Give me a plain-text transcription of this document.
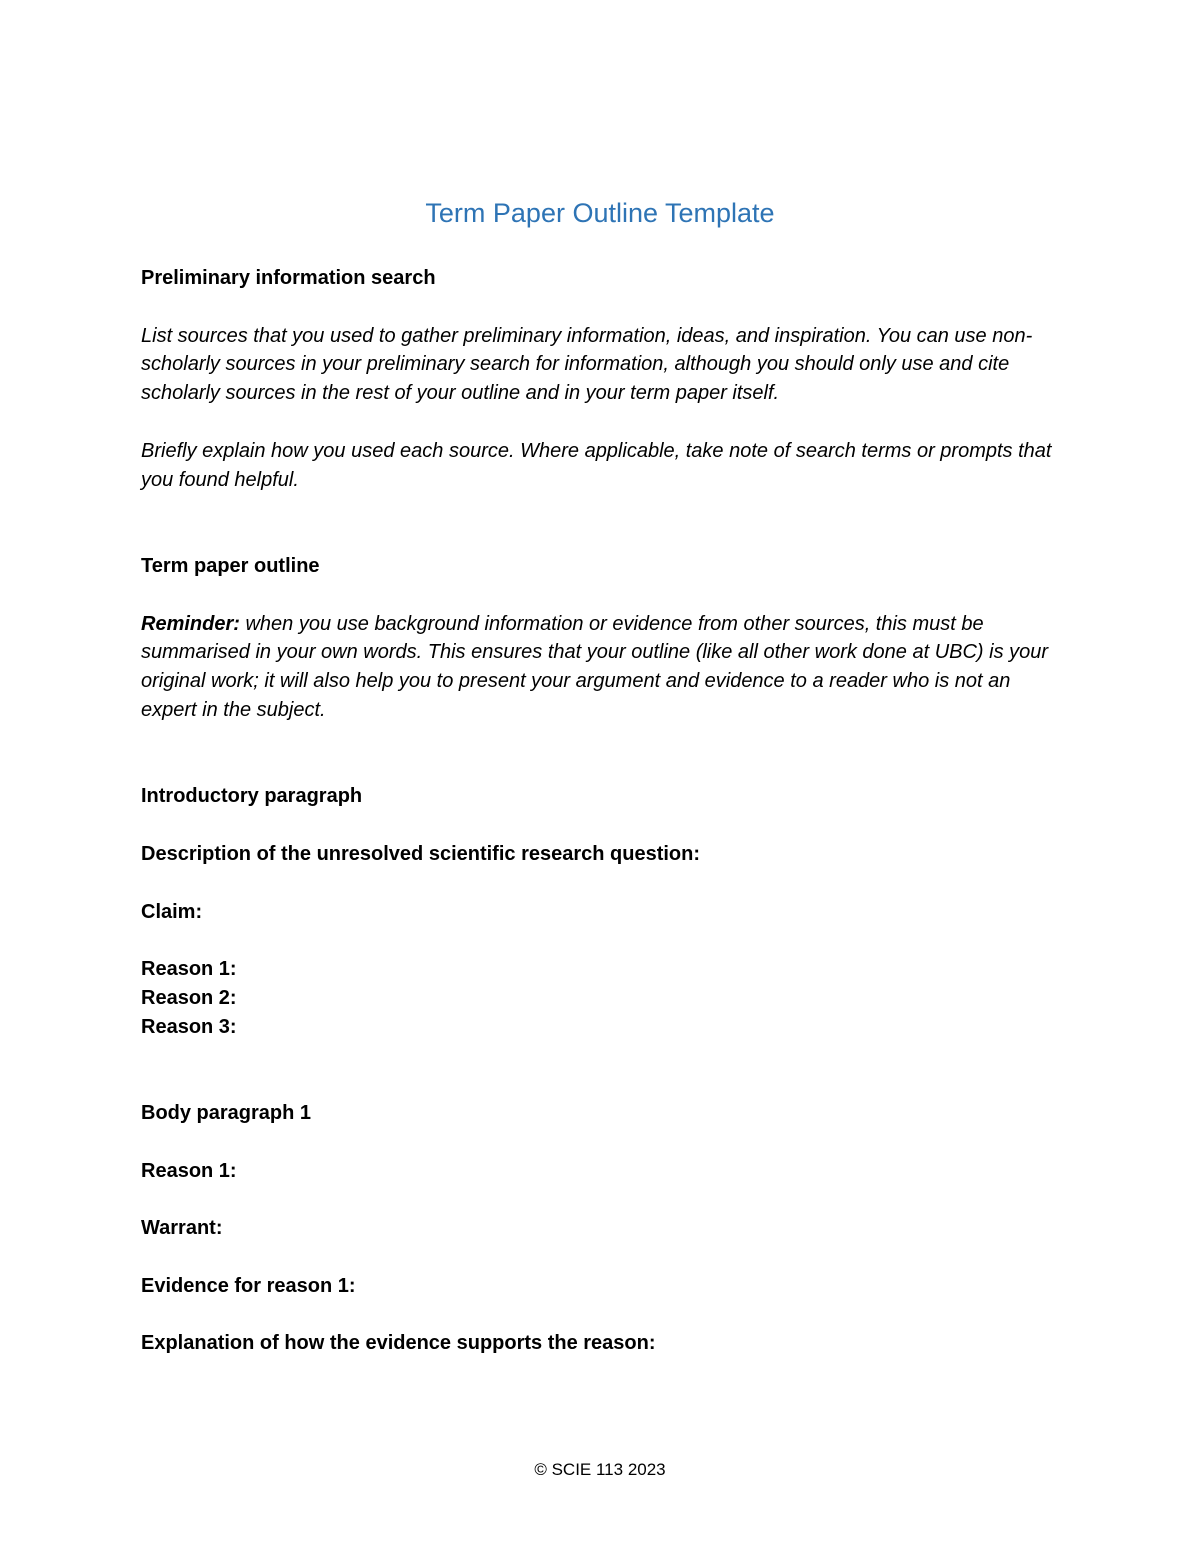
Term Paper Outline Template

Preliminary information search

List sources that you used to gather preliminary information, ideas, and inspiration. You can use non-scholarly sources in your preliminary search for information, although you should only use and cite scholarly sources in the rest of your outline and in your term paper itself.

Briefly explain how you used each source. Where applicable, take note of search terms or prompts that you found helpful.

Term paper outline

Reminder: when you use background information or evidence from other sources, this must be summarised in your own words. This ensures that your outline (like all other work done at UBC) is your original work; it will also help you to present your argument and evidence to a reader who is not an expert in the subject.

Introductory paragraph

Description of the unresolved scientific research question:

Claim:

Reason 1:

Reason 2:

Reason 3:

Body paragraph 1

Reason 1:

Warrant:

Evidence for reason 1:

Explanation of how the evidence supports the reason:

© SCIE 113 2023
